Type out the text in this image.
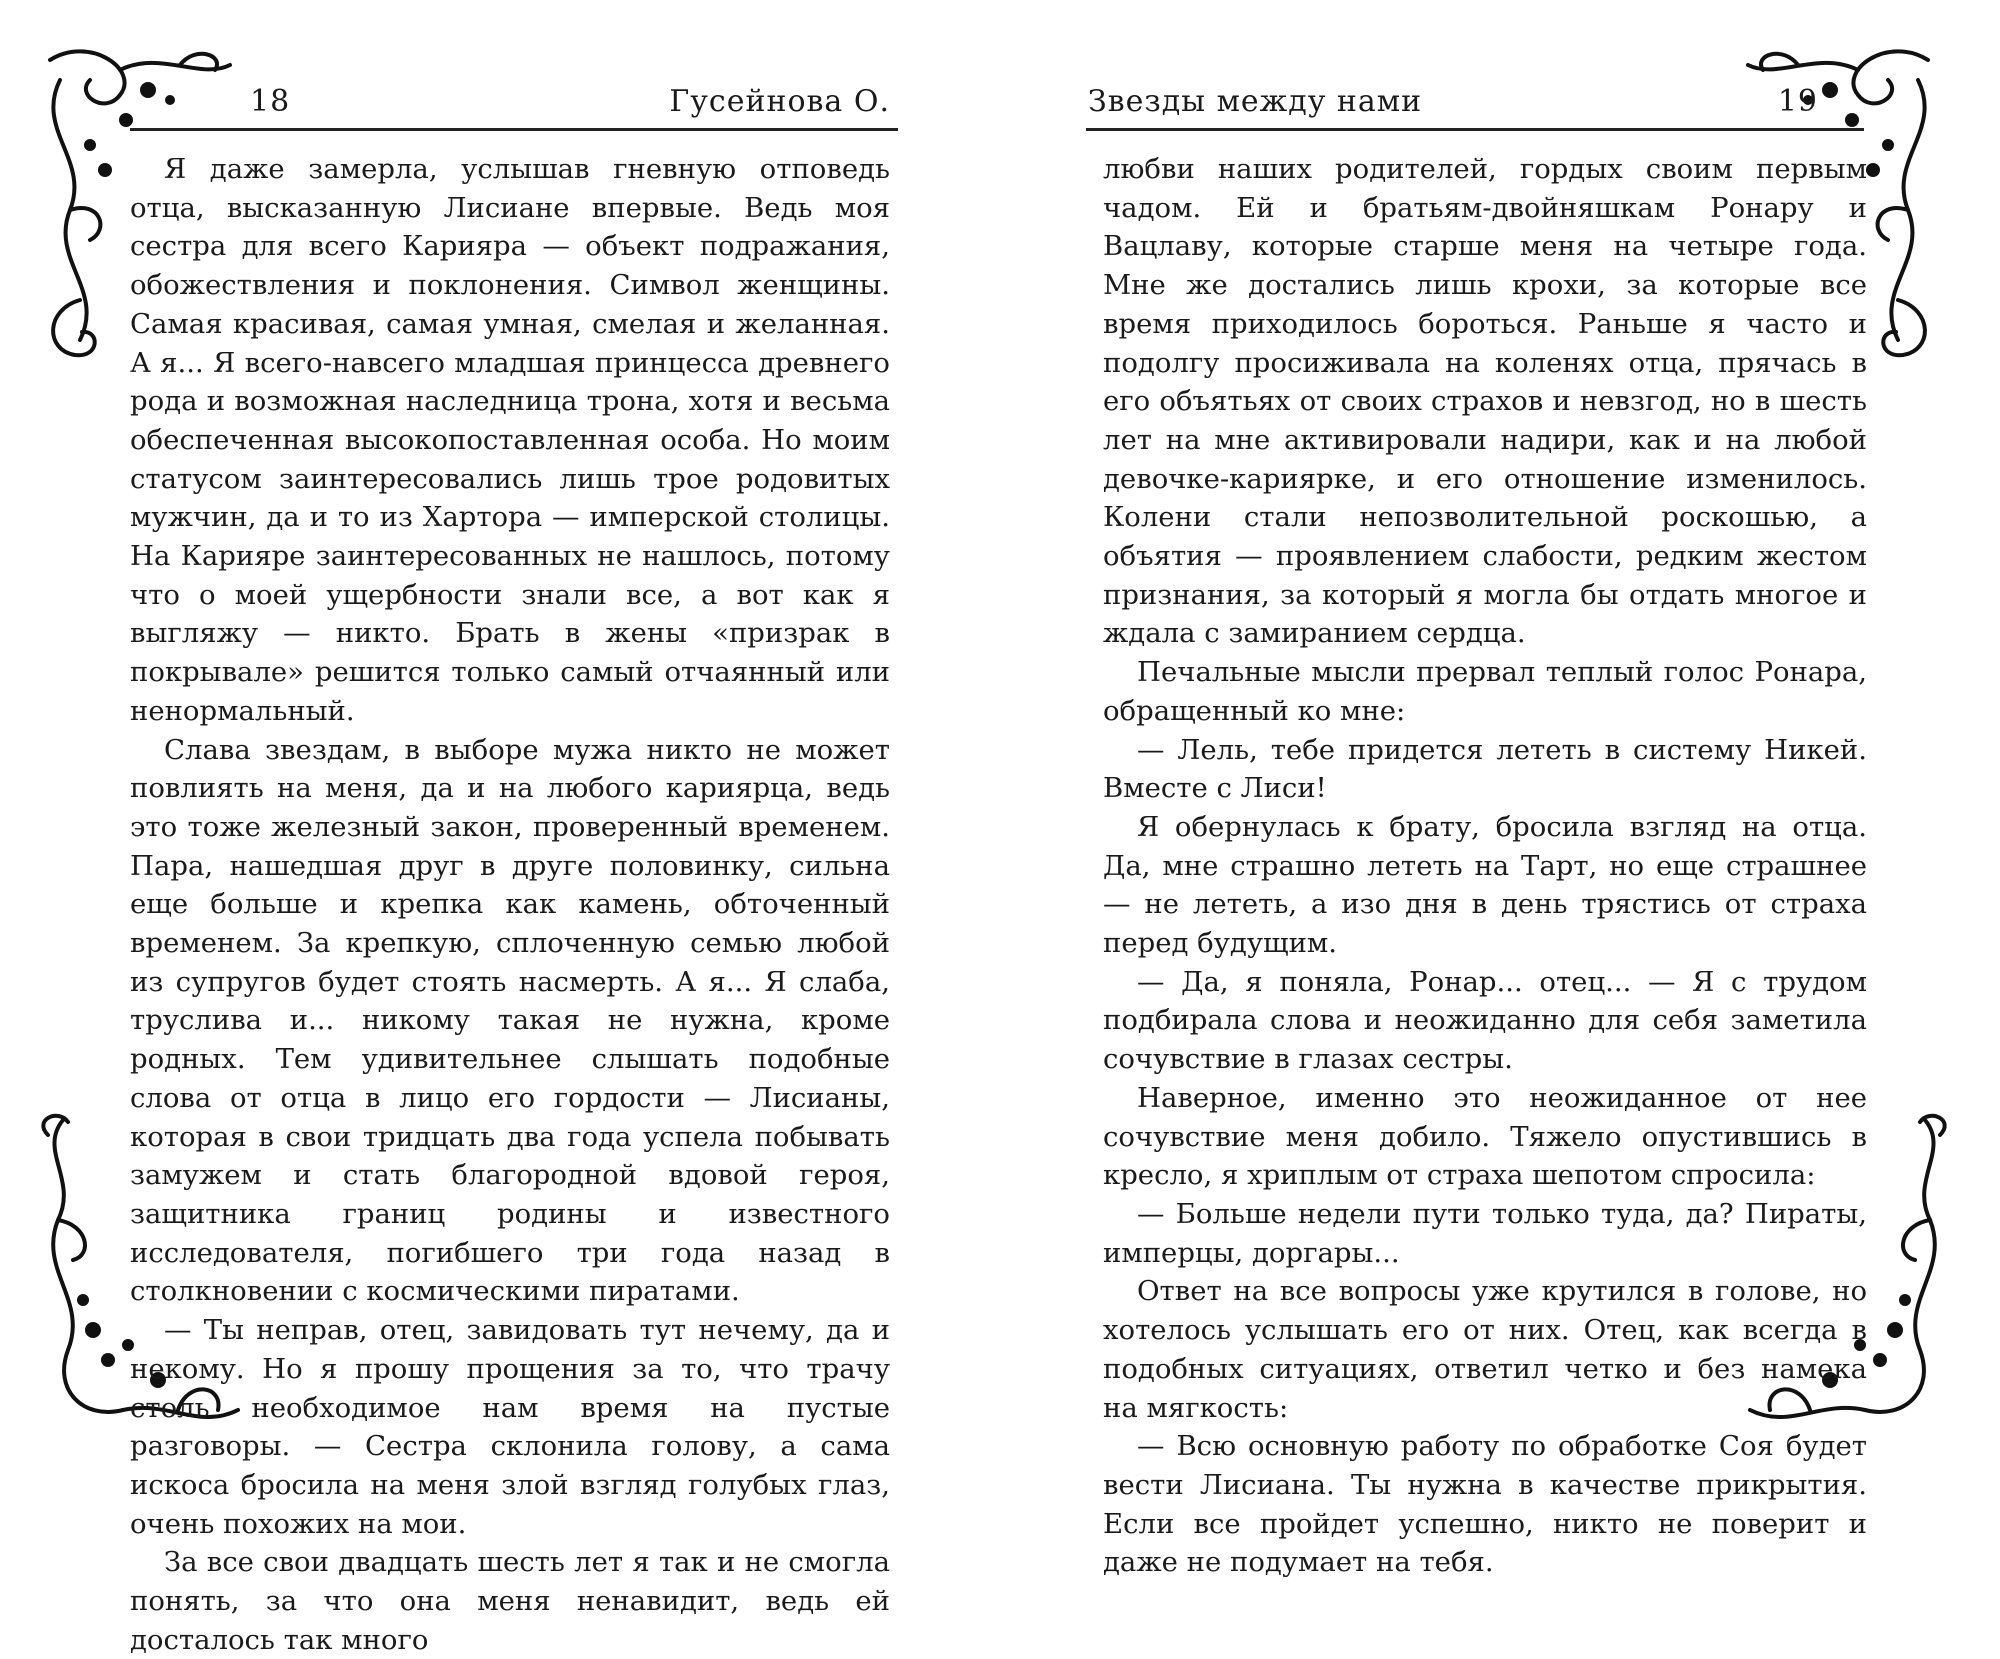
18	Гусейнова О.

Я даже замерла, услышав гневную отповедь отца, высказанную Лисиане впервые. Ведь моя сестра для всего Карияра — объект подражания, обожествления и поклонения. Символ женщины. Самая красивая, самая умная, смелая и желанная. А я... Я всего-навсего младшая принцесса древнего рода и возможная наследница трона, хотя и весьма обеспеченная высокопоставленная особа. Но моим статусом заинтересовались лишь трое родовитых мужчин, да и то из Хартора — имперской столицы. На Карияре заинтересованных не нашлось, потому что о моей ущербности знали все, а вот как я выгляжу — никто. Брать в жены «призрак в покрывале» решится только самый отчаянный или ненормальный.

Слава звездам, в выборе мужа никто не может повлиять на меня, да и на любого кариярца, ведь это тоже железный закон, проверенный временем. Пара, нашедшая друг в друге половинку, сильна еще больше и крепка как камень, обточенный временем. За крепкую, сплоченную семью любой из супругов будет стоять насмерть. А я... Я слаба, труслива и... никому такая не нужна, кроме родных. Тем удивительнее слышать подобные слова от отца в лицо его гордости — Лисианы, которая в свои тридцать два года успела побывать замужем и стать благородной вдовой героя, защитника границ родины и известного исследователя, погибшего три года назад в столкновении с космическими пиратами.

— Ты неправ, отец, завидовать тут нечему, да и некому. Но я прошу прощения за то, что трачу столь необходимое нам время на пустые разговоры. — Сестра склонила голову, а сама искоса бросила на меня злой взгляд голубых глаз, очень похожих на мои.

За все свои двадцать шесть лет я так и не смогла понять, за что она меня ненавидит, ведь ей досталось так много

Звезды между нами	19

любви наших родителей, гордых своим первым чадом. Ей и братьям-двойняшкам Ронару и Вацлаву, которые старше меня на четыре года. Мне же достались лишь крохи, за которые все время приходилось бороться. Раньше я часто и подолгу просиживала на коленях отца, прячась в его объятьях от своих страхов и невзгод, но в шесть лет на мне активировали надири, как и на любой девочке-кариярке, и его отношение изменилось. Колени стали непозволительной роскошью, а объятия — проявлением слабости, редким жестом признания, за который я могла бы отдать многое и ждала с замиранием сердца.

Печальные мысли прервал теплый голос Ронара, обращенный ко мне:

— Лель, тебе придется лететь в систему Никей. Вместе с Лиси!

Я обернулась к брату, бросила взгляд на отца. Да, мне страшно лететь на Тарт, но еще страшнее — не лететь, а изо дня в день трястись от страха перед будущим.

— Да, я поняла, Ронар... отец... — Я с трудом подбирала слова и неожиданно для себя заметила сочувствие в глазах сестры.

Наверное, именно это неожиданное от нее сочувствие меня добило. Тяжело опустившись в кресло, я хриплым от страха шепотом спросила:

— Больше недели пути только туда, да? Пираты, имперцы, доргары...

Ответ на все вопросы уже крутился в голове, но хотелось услышать его от них. Отец, как всегда в подобных ситуациях, ответил четко и без намека на мягкость:

— Всю основную работу по обработке Соя будет вести Лисиана. Ты нужна в качестве прикрытия. Если все пройдет успешно, никто не поверит и даже не подумает на тебя.
